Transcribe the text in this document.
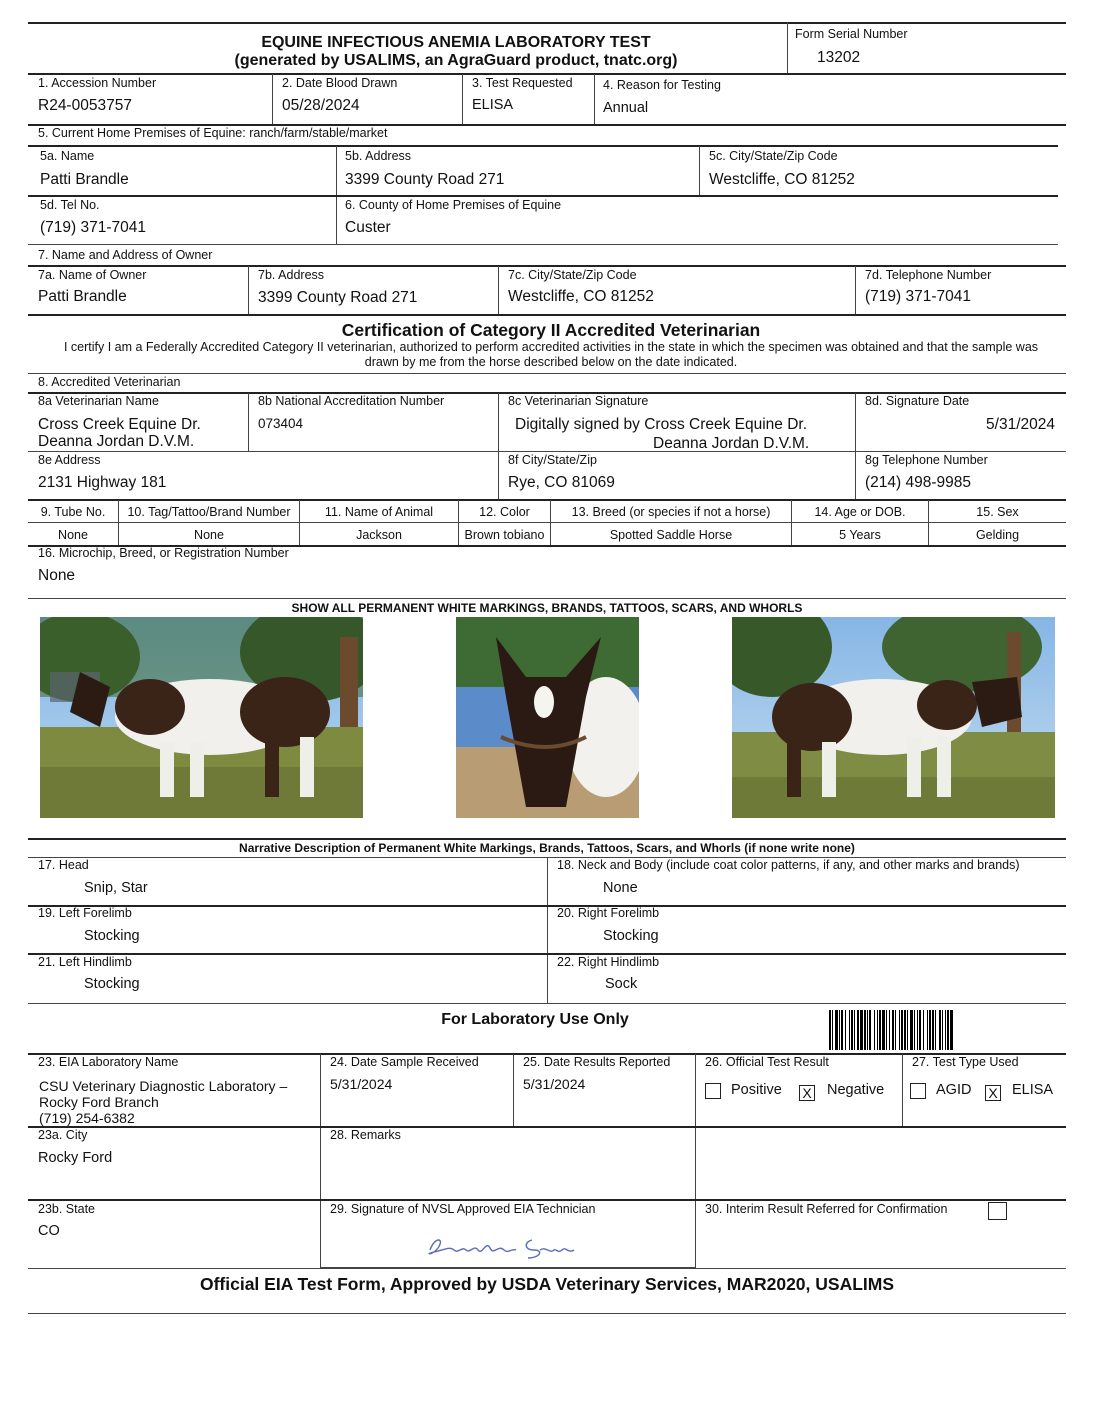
EQUINE INFECTIOUS ANEMIA LABORATORY TEST
(generated by USALIMS, an AgraGuard product, tnatc.org)
Form Serial Number
13202
1. Accession Number
R24-0053757
2. Date Blood Drawn
05/28/2024
3. Test Requested
ELISA
4. Reason for Testing
Annual
5. Current Home Premises of Equine: ranch/farm/stable/market
5a. Name
Patti Brandle
5b. Address
3399 County Road 271
5c. City/State/Zip Code
Westcliffe, CO 81252
5d. Tel No.
(719) 371-7041
6. County of Home Premises of Equine
Custer
7. Name and Address of Owner
7a. Name of Owner
Patti Brandle
7b. Address
3399 County Road 271
7c. City/State/Zip Code
Westcliffe, CO 81252
7d. Telephone Number
(719) 371-7041
Certification of Category II Accredited Veterinarian
I certify I am a Federally Accredited Category II veterinarian, authorized to perform accredited activities in the state in which the specimen was obtained and that the sample was
drawn by me from the horse described below on the date indicated.
8. Accredited Veterinarian
8a Veterinarian Name
Cross Creek Equine Dr.
Deanna Jordan D.V.M.
8b National Accreditation Number
073404
8c Veterinarian Signature
Digitally signed by Cross Creek Equine Dr.
Deanna Jordan D.V.M.
8d. Signature Date
5/31/2024
8e Address
2131 Highway 181
8f City/State/Zip
Rye, CO 81069
8g Telephone Number
(214) 498-9985
9. Tube No.	10. Tag/Tattoo/Brand Number	11. Name of Animal	12. Color	13. Breed (or species if not a horse)	14. Age or DOB.	15. Sex
None	None	Jackson	Brown tobiano	Spotted Saddle Horse	5 Years	Gelding
16. Microchip, Breed, or Registration Number
None
SHOW ALL PERMANENT WHITE MARKINGS, BRANDS, TATTOOS, SCARS, AND WHORLS
Narrative Description of Permanent White Markings, Brands, Tattoos, Scars, and Whorls (if none write none)
17. Head
Snip, Star
18. Neck and Body (include coat color patterns, if any, and other marks and brands)
None
19. Left Forelimb
Stocking
20. Right Forelimb
Stocking
21. Left Hindlimb
Stocking
22. Right Hindlimb
Sock
For Laboratory Use Only
23. EIA Laboratory Name
CSU Veterinary Diagnostic Laboratory –
Rocky Ford Branch
(719) 254-6382
24. Date Sample Received
5/31/2024
25. Date Results Reported
5/31/2024
26. Official Test Result
Positive X Negative
27. Test Type Used
AGID X ELISA
23a. City
Rocky Ford
28. Remarks
23b. State
CO
29. Signature of NVSL Approved EIA Technician	30. Interim Result Referred for Confirmation
Official EIA Test Form, Approved by USDA Veterinary Services, MAR2020, USALIMS
